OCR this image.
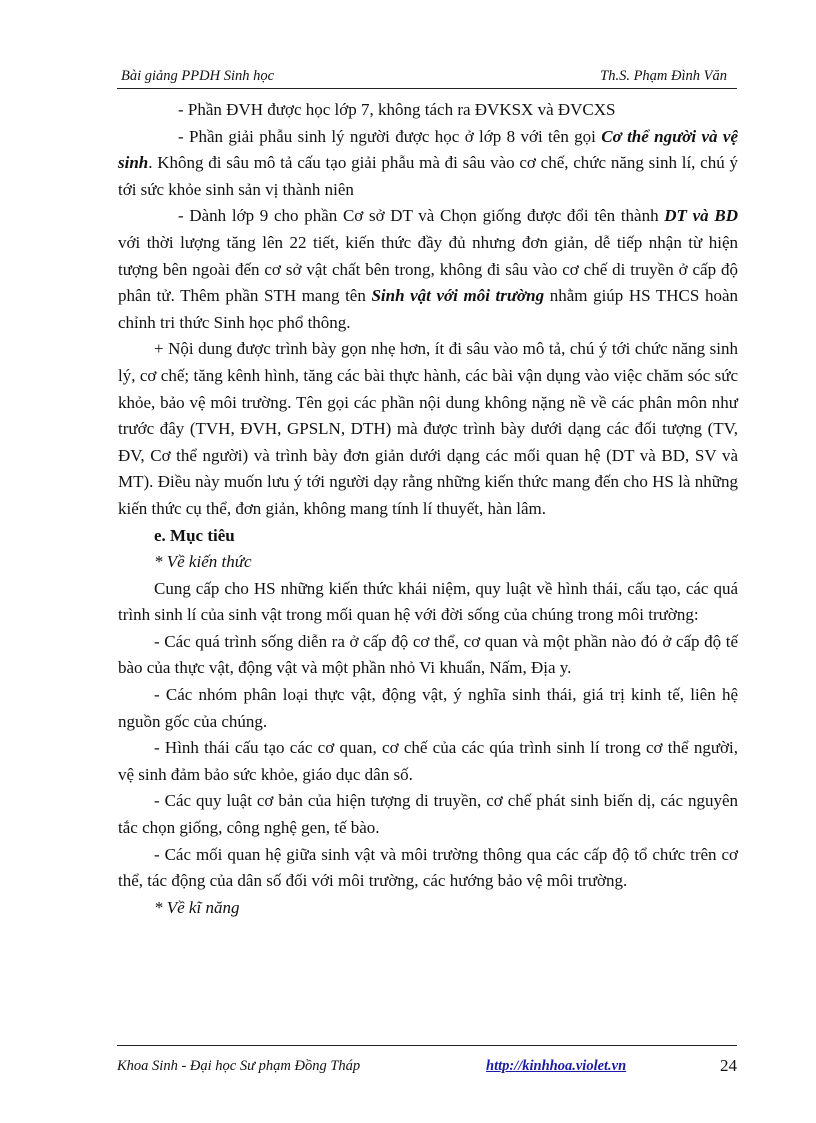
Bài giảng PPDH Sinh học	Th.S. Phạm Đình Văn

- Phần ĐVH được học lớp 7, không tách ra ĐVKSX và ĐVCXS

- Phần giải phẫu sinh lý người được học ở lớp 8 với tên gọi Cơ thể người và vệ sinh. Không đi sâu mô tả cấu tạo giải phẫu mà đi sâu vào cơ chế, chức năng sinh lí, chú ý tới sức khỏe sinh sản vị thành niên

- Dành lớp 9 cho phần Cơ sở DT và Chọn giống được đổi tên thành DT và BD với thời lượng tăng lên 22 tiết, kiến thức đầy đủ nhưng đơn giản, dễ tiếp nhận từ hiện tượng bên ngoài đến cơ sở vật chất bên trong, không đi sâu vào cơ chế di truyền ở cấp độ phân tử. Thêm phần STH mang tên Sinh vật với môi trường nhằm giúp HS THCS hoàn chỉnh tri thức Sinh học phổ thông.

+ Nội dung được trình bày gọn nhẹ hơn, ít đi sâu vào mô tả, chú ý tới chức năng sinh lý, cơ chế; tăng kênh hình, tăng các bài thực hành, các bài vận dụng vào việc chăm sóc sức khỏe, bảo vệ môi trường. Tên gọi các phần nội dung không nặng nề về các phân môn như trước đây (TVH, ĐVH, GPSLN, DTH) mà được trình bày dưới dạng các đối tượng (TV, ĐV, Cơ thể người) và trình bày đơn giản dưới dạng các mối quan hệ (DT và BD, SV và MT). Điều này muốn lưu ý tới người dạy rằng những kiến thức mang đến cho HS là những kiến thức cụ thể, đơn giản, không mang tính lí thuyết, hàn lâm.

e. Mục tiêu

* Về kiến thức

Cung cấp cho HS những kiến thức khái niệm, quy luật về hình thái, cấu tạo, các quá trình sinh lí của sinh vật trong mối quan hệ với đời sống của chúng trong môi trường:

- Các quá trình sống diễn ra ở cấp độ cơ thể, cơ quan và một phần nào đó ở cấp độ tế bào của thực vật, động vật và một phần nhỏ Vi khuẩn, Nấm, Địa y.

- Các nhóm phân loại thực vật, động vật, ý nghĩa sinh thái, giá trị kinh tế, liên hệ nguồn gốc của chúng.

- Hình thái cấu tạo các cơ quan, cơ chế của các qúa trình sinh lí trong cơ thể người, vệ sinh đảm bảo sức khỏe, giáo dục dân số.

- Các quy luật cơ bản của hiện tượng di truyền, cơ chế phát sinh biến dị, các nguyên tắc chọn giống, công nghệ gen, tế bào.

- Các mối quan hệ giữa sinh vật và môi trường thông qua các cấp độ tổ chức trên cơ thể, tác động của dân số đối với môi trường, các hướng bảo vệ môi trường.

* Về kĩ năng

Khoa Sinh - Đại học Sư phạm Đồng Tháp	http://kinhhoa.violet.vn	24
